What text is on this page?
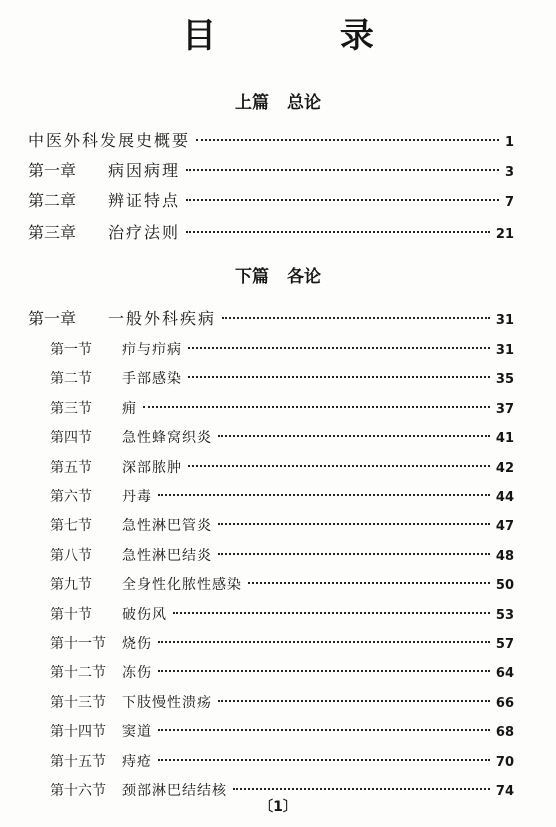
目 录
上篇 总论
中医外科发展史概要	1
第一章	病因病理	3
第二章	辨证特点	7
第三章	治疗法则	21
下篇 各论
第一章	一般外科疾病	31
第一节	疖与疖病	31
第二节	手部感染	35
第三节	痈	37
第四节	急性蜂窝织炎	41
第五节	深部脓肿	42
第六节	丹毒	44
第七节	急性淋巴管炎	47
第八节	急性淋巴结炎	48
第九节	全身性化脓性感染	50
第十节	破伤风	53
第十一节	烧伤	57
第十二节	冻伤	64
第十三节	下肢慢性溃疡	66
第十四节	窦道	68
第十五节	痔疮	70
第十六节	颈部淋巴结结核	74
〔1〕
